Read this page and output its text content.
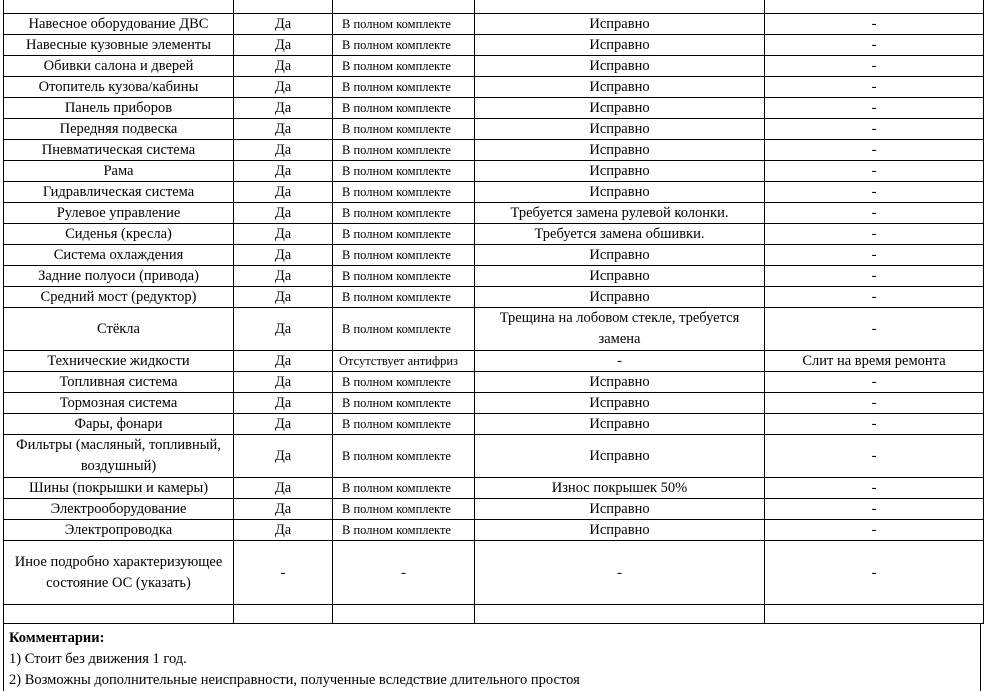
Навесное оборудование ДВС	Да	В полном комплекте	Исправно	-
Навесные кузовные элементы	Да	В полном комплекте	Исправно	-
Обивки салона и дверей	Да	В полном комплекте	Исправно	-
Отопитель кузова/кабины	Да	В полном комплекте	Исправно	-
Панель приборов	Да	В полном комплекте	Исправно	-
Передняя подвеска	Да	В полном комплекте	Исправно	-
Пневматическая система	Да	В полном комплекте	Исправно	-
Рама	Да	В полном комплекте	Исправно	-
Гидравлическая система	Да	В полном комплекте	Исправно	-
Рулевое управление	Да	В полном комплекте	Требуется замена рулевой колонки.	-
Сиденья (кресла)	Да	В полном комплекте	Требуется замена обшивки.	-
Система охлаждения	Да	В полном комплекте	Исправно	-
Задние полуоси (привода)	Да	В полном комплекте	Исправно	-
Средний мост (редуктор)	Да	В полном комплекте	Исправно	-
Стёкла	Да	В полном комплекте	Трещина на лобовом стекле, требуется замена	-
Технические жидкости	Да	Отсутствует антифриз	-	Слит на время ремонта
Топливная система	Да	В полном комплекте	Исправно	-
Тормозная система	Да	В полном комплекте	Исправно	-
Фары, фонари	Да	В полном комплекте	Исправно	-
Фильтры (масляный, топливный, воздушный)	Да	В полном комплекте	Исправно	-
Шины (покрышки и камеры)	Да	В полном комплекте	Износ покрышек 50%	-
Электрооборудование	Да	В полном комплекте	Исправно	-
Электропроводка	Да	В полном комплекте	Исправно	-
Иное подробно характеризующее состояние ОС (указать)	-	-	-	-

Комментарии:
1) Стоит без движения 1 год.
2) Возможны дополнительные неисправности, полученные вследствие длительного простоя
